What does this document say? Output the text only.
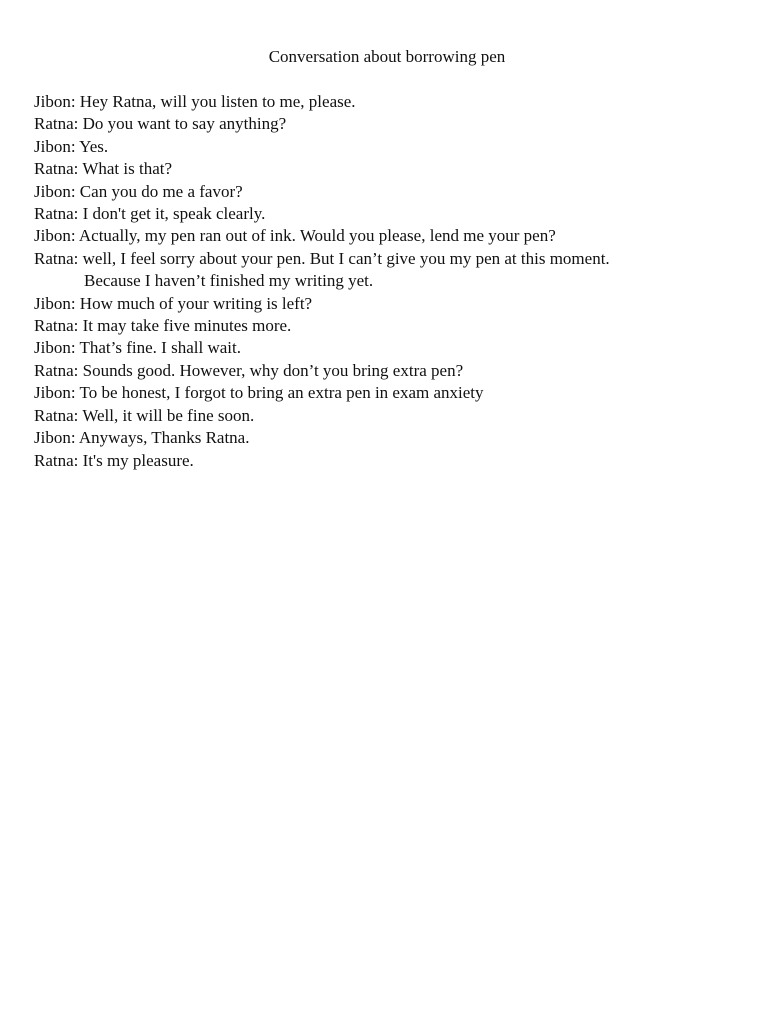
Conversation about borrowing pen
Jibon: Hey Ratna, will you listen to me, please.
Ratna: Do you want to say anything?
Jibon: Yes.
Ratna: What is that?
Jibon: Can you do me a favor?
Ratna: I don't get it, speak clearly.
Jibon: Actually, my pen ran out of ink. Would you please, lend me your pen?
Ratna: well, I feel sorry about your pen. But I can’t give you my pen at this moment.
Because I haven’t finished my writing yet.
Jibon: How much of your writing is left?
Ratna: It may take five minutes more.
Jibon: That’s fine. I shall wait.
Ratna: Sounds good. However, why don’t you bring extra pen?
Jibon: To be honest, I forgot to bring an extra pen in exam anxiety
Ratna: Well, it will be fine soon.
Jibon: Anyways, Thanks Ratna.
Ratna: It's my pleasure.
